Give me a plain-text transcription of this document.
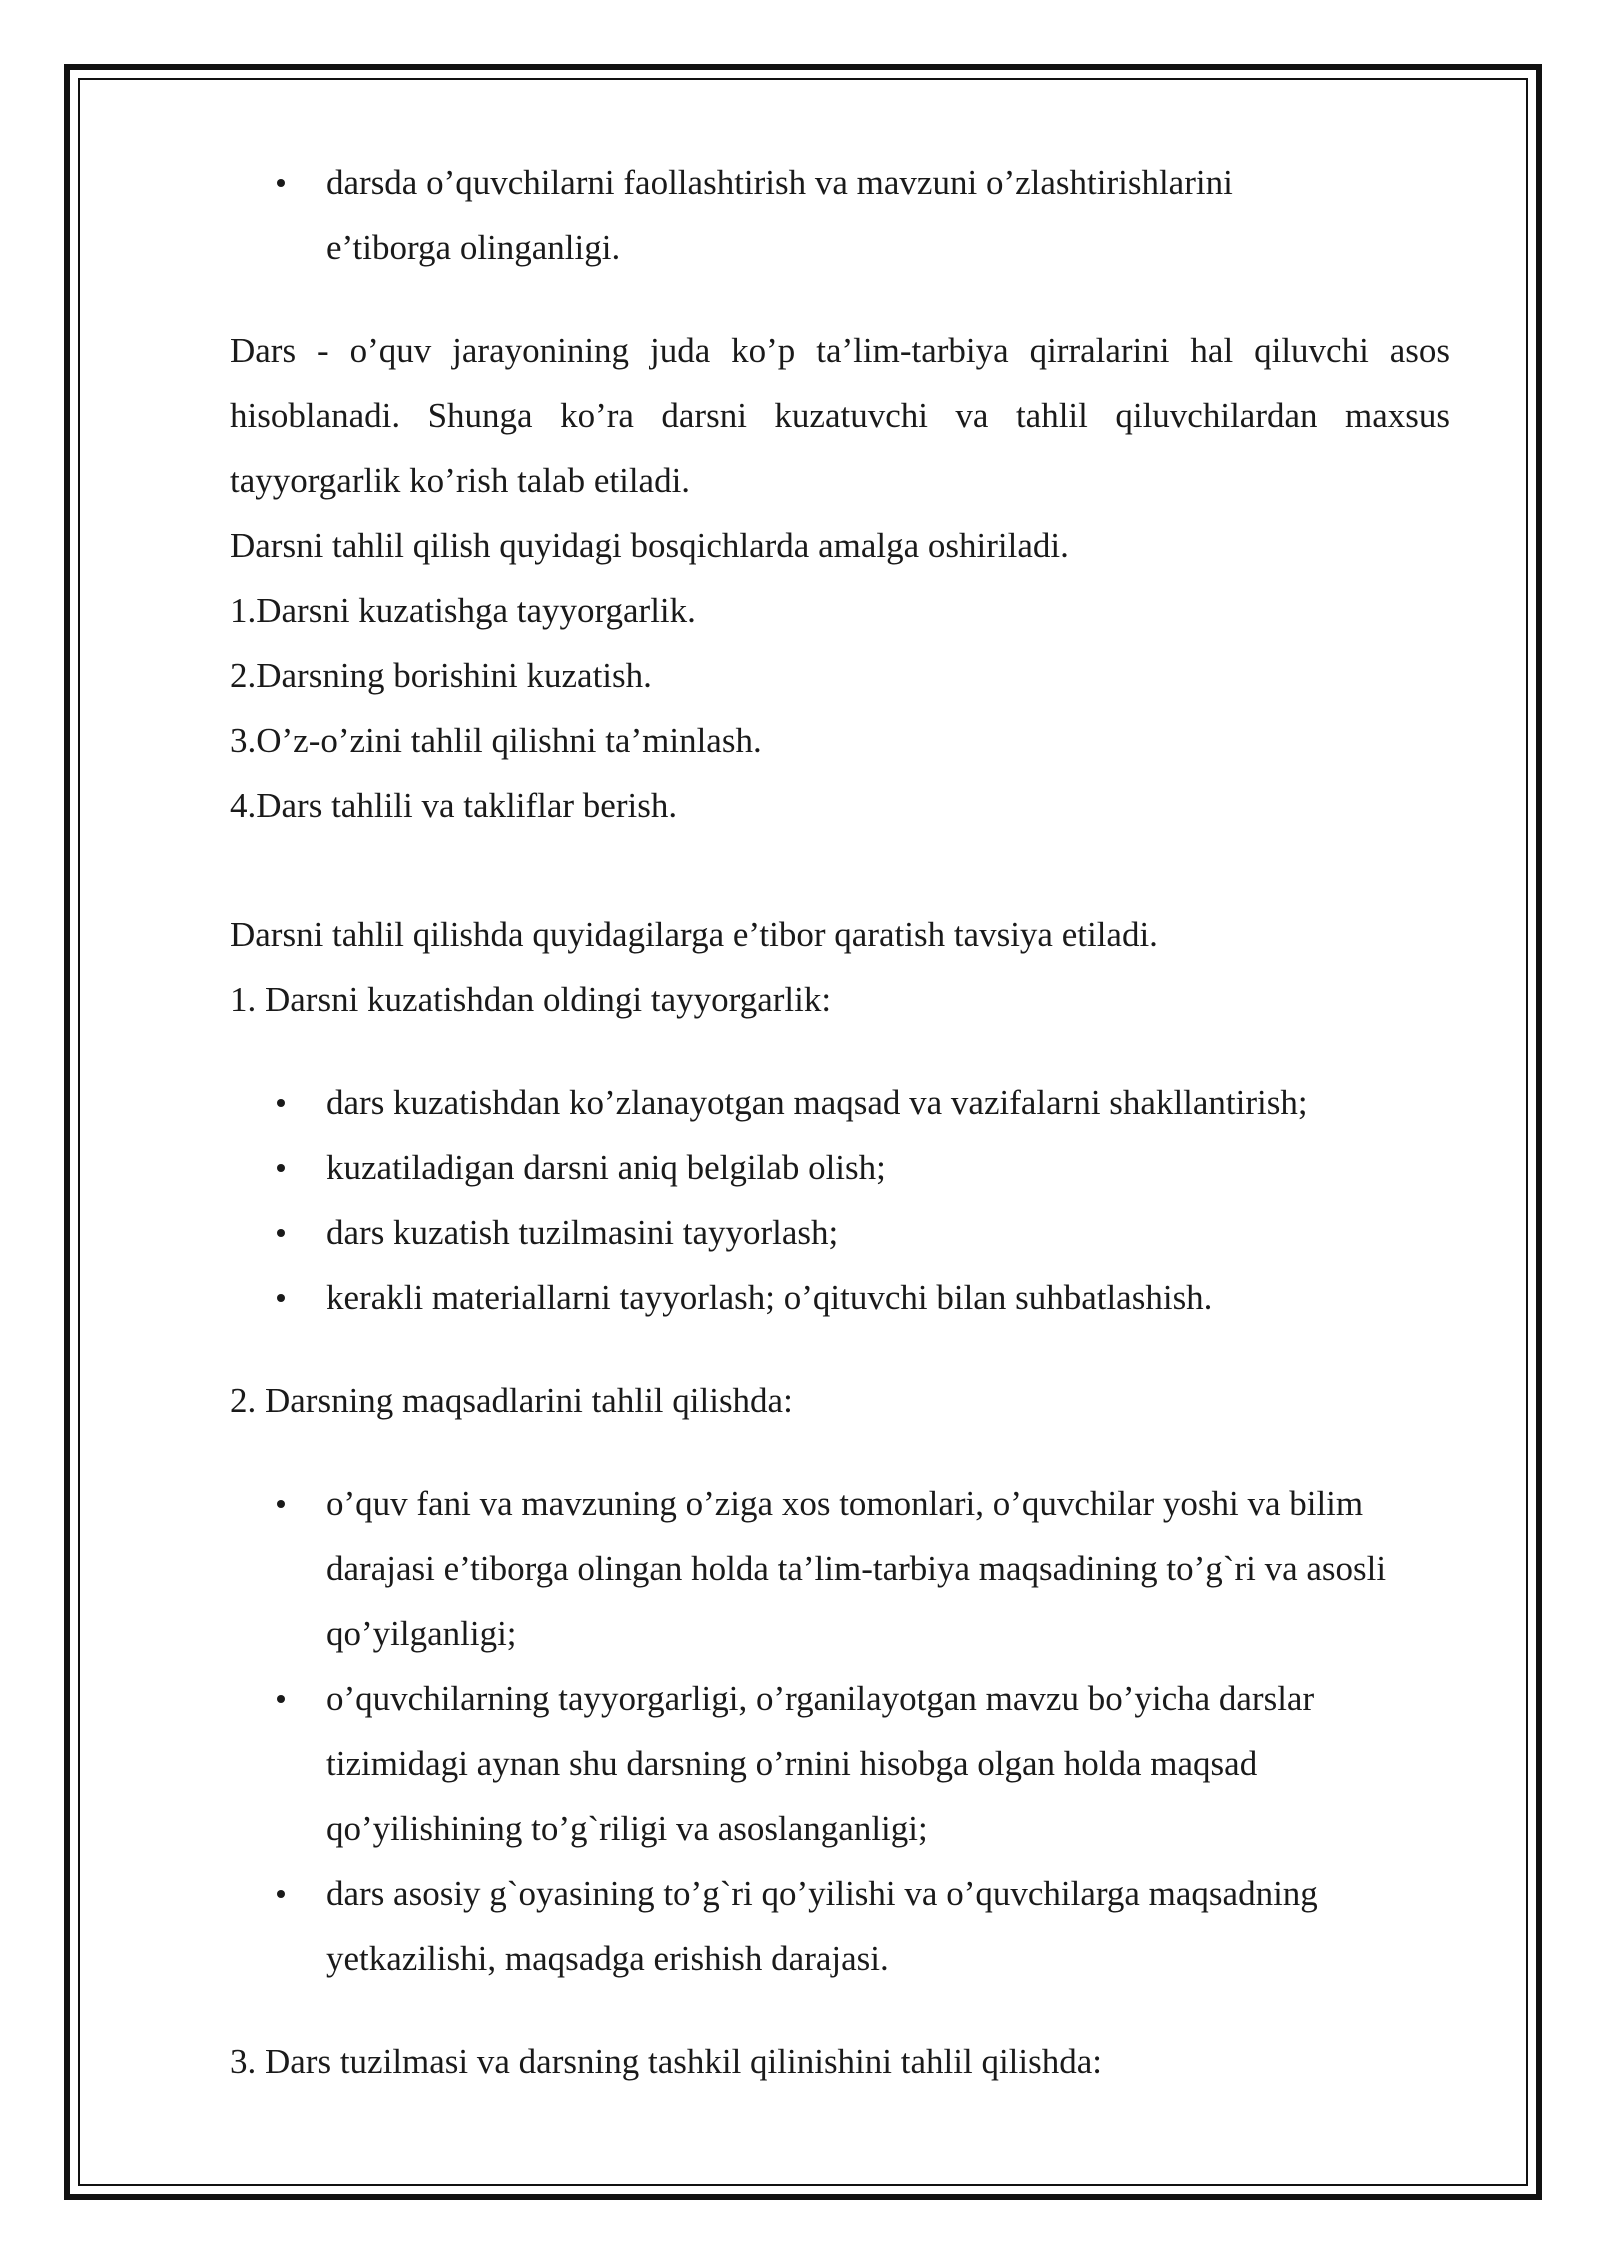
darsda o’quvchilarni faollashtirish va mavzuni o’zlashtirishlarini e’tiborga olinganligi.

Dars - o’quv jarayonining juda ko’p ta’lim-tarbiya qirralarini hal qiluvchi asos hisoblanadi. Shunga ko’ra darsni kuzatuvchi va tahlil qiluvchilardan maxsus tayyorgarlik ko’rish talab etiladi.

Darsni tahlil qilish quyidagi bosqichlarda amalga oshiriladi.

1.Darsni kuzatishga tayyorgarlik.

2.Darsning borishini kuzatish.

3.O’z-o’zini tahlil qilishni ta’minlash.

4.Dars tahlili va takliflar berish.

Darsni tahlil qilishda quyidagilarga e’tibor qaratish tavsiya etiladi.

1. Darsni kuzatishdan oldingi tayyorgarlik:

dars kuzatishdan ko’zlanayotgan maqsad va vazifalarni shakllantirish;
kuzatiladigan darsni aniq belgilab olish;
dars kuzatish tuzilmasini tayyorlash;
kerakli materiallarni tayyorlash; o’qituvchi bilan suhbatlashish.

2. Darsning maqsadlarini tahlil qilishda:

o’quv fani va mavzuning o’ziga xos tomonlari, o’quvchilar yoshi va bilim darajasi e’tiborga olingan holda ta’lim-tarbiya maqsadining to’g`ri va asosli qo’yilganligi;
o’quvchilarning tayyorgarligi, o’rganilayotgan mavzu bo’yicha darslar tizimidagi aynan shu darsning o’rnini hisobga olgan holda maqsad qo’yilishining to’g`riligi va asoslanganligi;
dars asosiy g`oyasining to’g`ri qo’yilishi va o’quvchilarga maqsadning yetkazilishi, maqsadga erishish darajasi.

3. Dars tuzilmasi va darsning tashkil qilinishini tahlil qilishda:
